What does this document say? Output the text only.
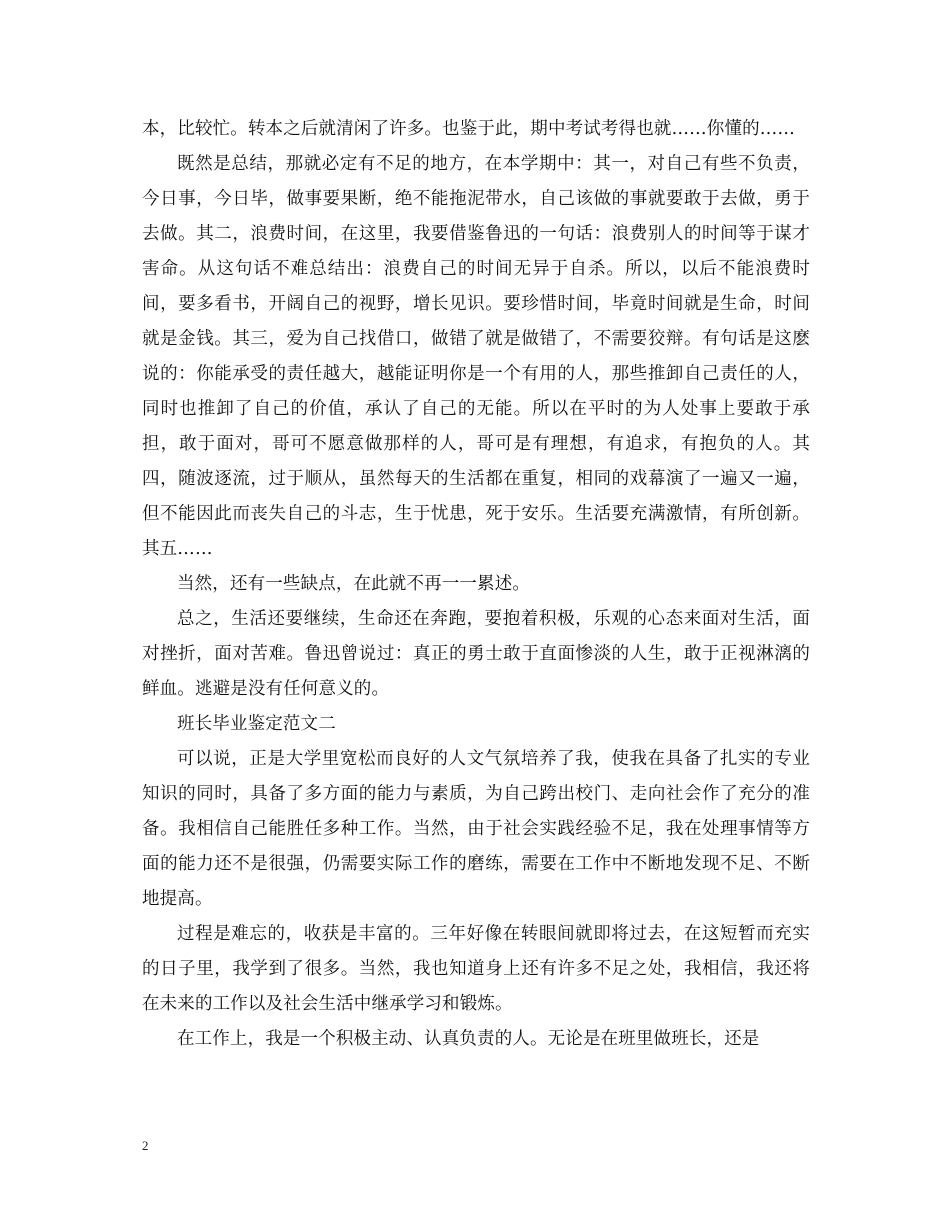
本，比较忙。转本之后就清闲了许多。也鉴于此，期中考试考得也就……你懂的……

既然是总结，那就必定有不足的地方，在本学期中：其一，对自己有些不负责，今日事，今日毕，做事要果断，绝不能拖泥带水，自己该做的事就要敢于去做，勇于去做。其二，浪费时间，在这里，我要借鉴鲁迅的一句话：浪费别人的时间等于谋才害命。从这句话不难总结出：浪费自己的时间无异于自杀。所以，以后不能浪费时间，要多看书，开阔自己的视野，增长见识。要珍惜时间，毕竟时间就是生命，时间就是金钱。其三，爱为自己找借口，做错了就是做错了，不需要狡辩。有句话是这麽说的：你能承受的责任越大，越能证明你是一个有用的人，那些推卸自己责任的人，同时也推卸了自己的价值，承认了自己的无能。所以在平时的为人处事上要敢于承担，敢于面对，哥可不愿意做那样的人，哥可是有理想，有追求，有抱负的人。其四，随波逐流，过于顺从，虽然每天的生活都在重复，相同的戏幕演了一遍又一遍，但不能因此而丧失自己的斗志，生于忧患，死于安乐。生活要充满激情，有所创新。其五……

当然，还有一些缺点，在此就不再一一累述。

总之，生活还要继续，生命还在奔跑，要抱着积极，乐观的心态来面对生活，面对挫折，面对苦难。鲁迅曾说过：真正的勇士敢于直面惨淡的人生，敢于正视淋漓的鲜血。逃避是没有任何意义的。

班长毕业鉴定范文二

可以说，正是大学里宽松而良好的人文气氛培养了我，使我在具备了扎实的专业知识的同时，具备了多方面的能力与素质，为自己跨出校门、走向社会作了充分的准备。我相信自己能胜任多种工作。当然，由于社会实践经验不足，我在处理事情等方面的能力还不是很强，仍需要实际工作的磨练，需要在工作中不断地发现不足、不断地提高。

过程是难忘的，收获是丰富的。三年好像在转眼间就即将过去，在这短暂而充实的日子里，我学到了很多。当然，我也知道身上还有许多不足之处，我相信，我还将在未来的工作以及社会生活中继承学习和锻炼。

在工作上，我是一个积极主动、认真负责的人。无论是在班里做班长，还是

2
